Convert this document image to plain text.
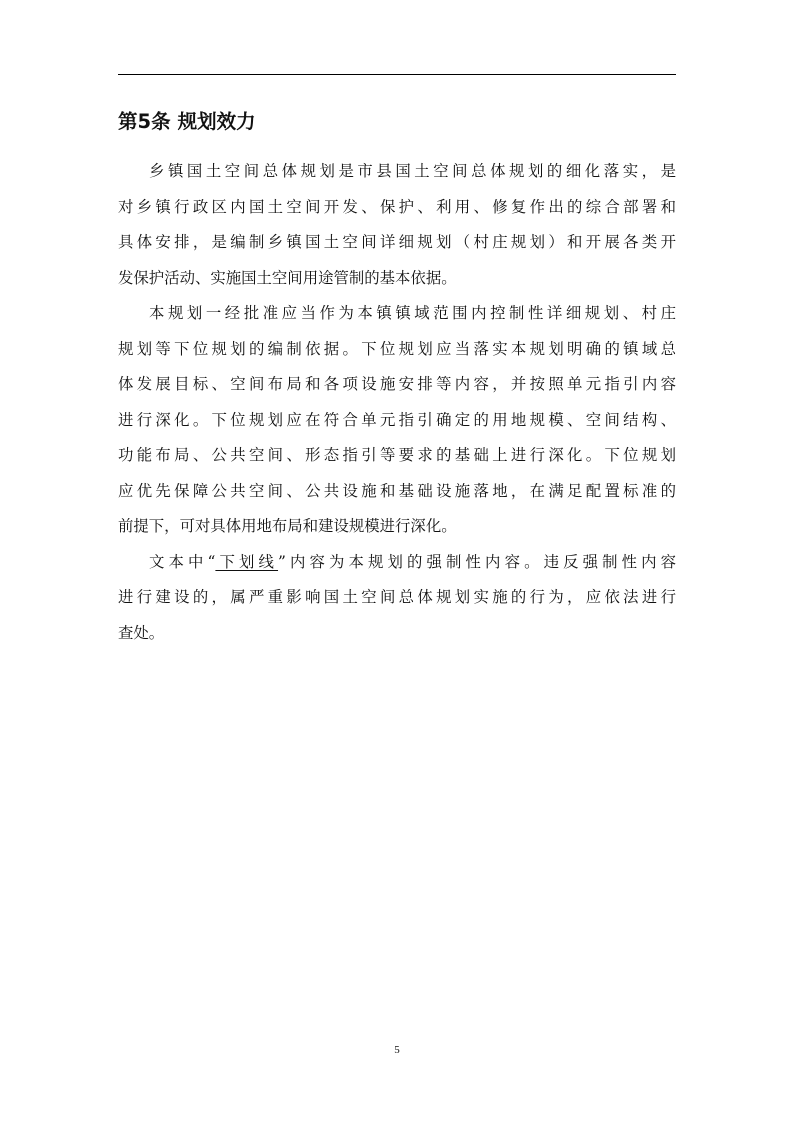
第5条 规划效力
乡镇国土空间总体规划是市县国土空间总体规划的细化落实，是
对乡镇行政区内国土空间开发、保护、利用、修复作出的综合部署和
具体安排，是编制乡镇国土空间详细规划（村庄规划）和开展各类开
发保护活动、实施国土空间用途管制的基本依据。
本规划一经批准应当作为本镇镇域范围内控制性详细规划、村庄
规划等下位规划的编制依据。下位规划应当落实本规划明确的镇域总
体发展目标、空间布局和各项设施安排等内容，并按照单元指引内容
进行深化。下位规划应在符合单元指引确定的用地规模、空间结构、
功能布局、公共空间、形态指引等要求的基础上进行深化。下位规划
应优先保障公共空间、公共设施和基础设施落地，在满足配置标准的
前提下，可对具体用地布局和建设规模进行深化。
文本中“下划线”内容为本规划的强制性内容。违反强制性内容
进行建设的，属严重影响国土空间总体规划实施的行为，应依法进行
查处。
5
